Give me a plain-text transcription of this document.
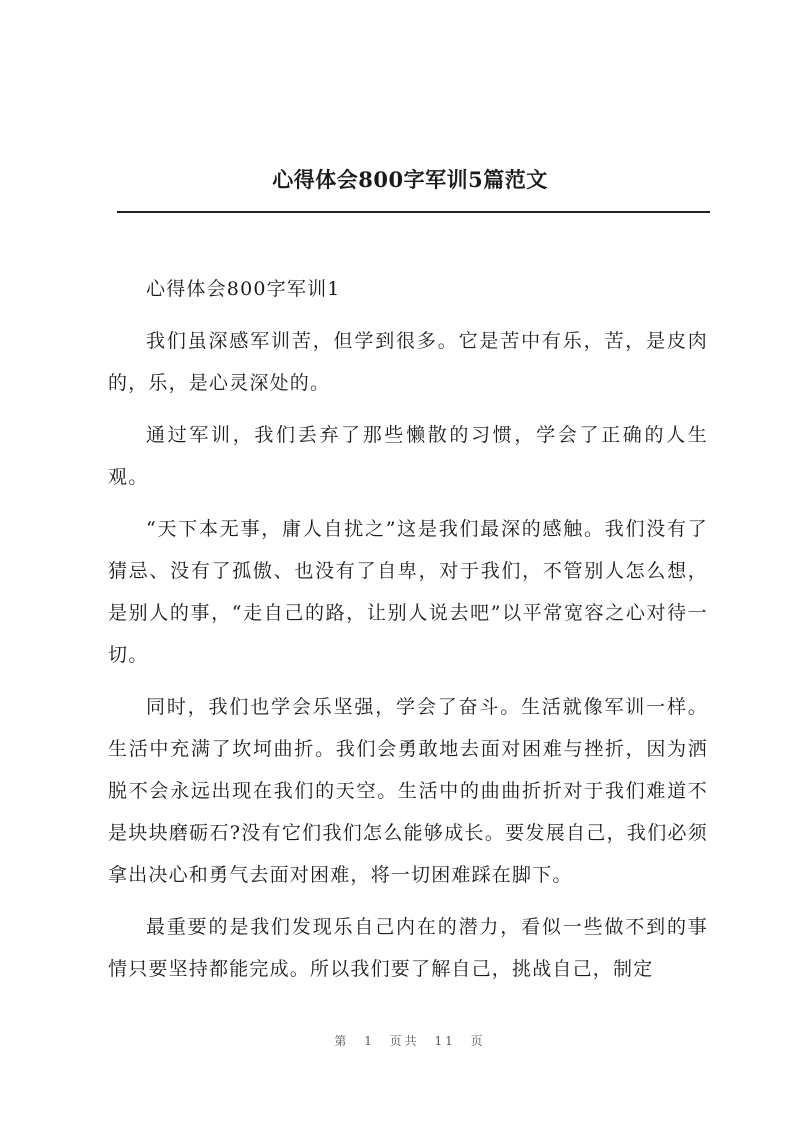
心得体会800字军训5篇范文

心得体会800字军训1

我们虽深感军训苦，但学到很多。它是苦中有乐，苦，是皮肉的，乐，是心灵深处的。

通过军训，我们丢弃了那些懒散的习惯，学会了正确的人生观。

“天下本无事，庸人自扰之”这是我们最深的感触。我们没有了猜忌、没有了孤傲、也没有了自卑，对于我们，不管别人怎么想，是别人的事，“走自己的路，让别人说去吧”以平常宽容之心对待一切。

同时，我们也学会乐坚强，学会了奋斗。生活就像军训一样。生活中充满了坎坷曲折。我们会勇敢地去面对困难与挫折，因为洒脱不会永远出现在我们的天空。生活中的曲曲折折对于我们难道不是块块磨砺石?没有它们我们怎么能够成长。要发展自己，我们必须拿出决心和勇气去面对困难，将一切困难踩在脚下。

最重要的是我们发现乐自己内在的潜力，看似一些做不到的事情只要坚持都能完成。所以我们要了解自己，挑战自己，制定

第 1 页共 11 页
